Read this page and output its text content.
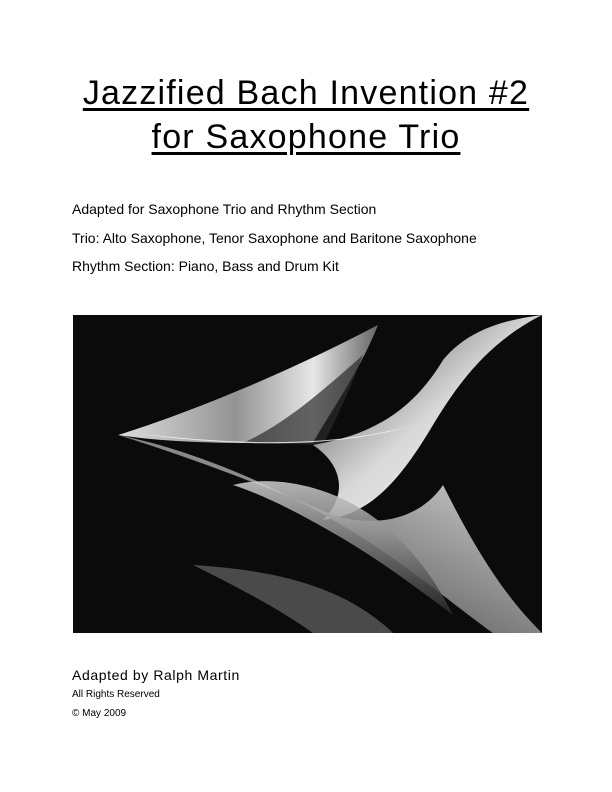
Jazzified Bach Invention #2
for Saxophone Trio
Adapted for Saxophone Trio and Rhythm Section
Trio: Alto Saxophone, Tenor Saxophone and Baritone Saxophone
Rhythm Section: Piano, Bass and Drum Kit
Adapted by Ralph Martin
All Rights Reserved
© May 2009
